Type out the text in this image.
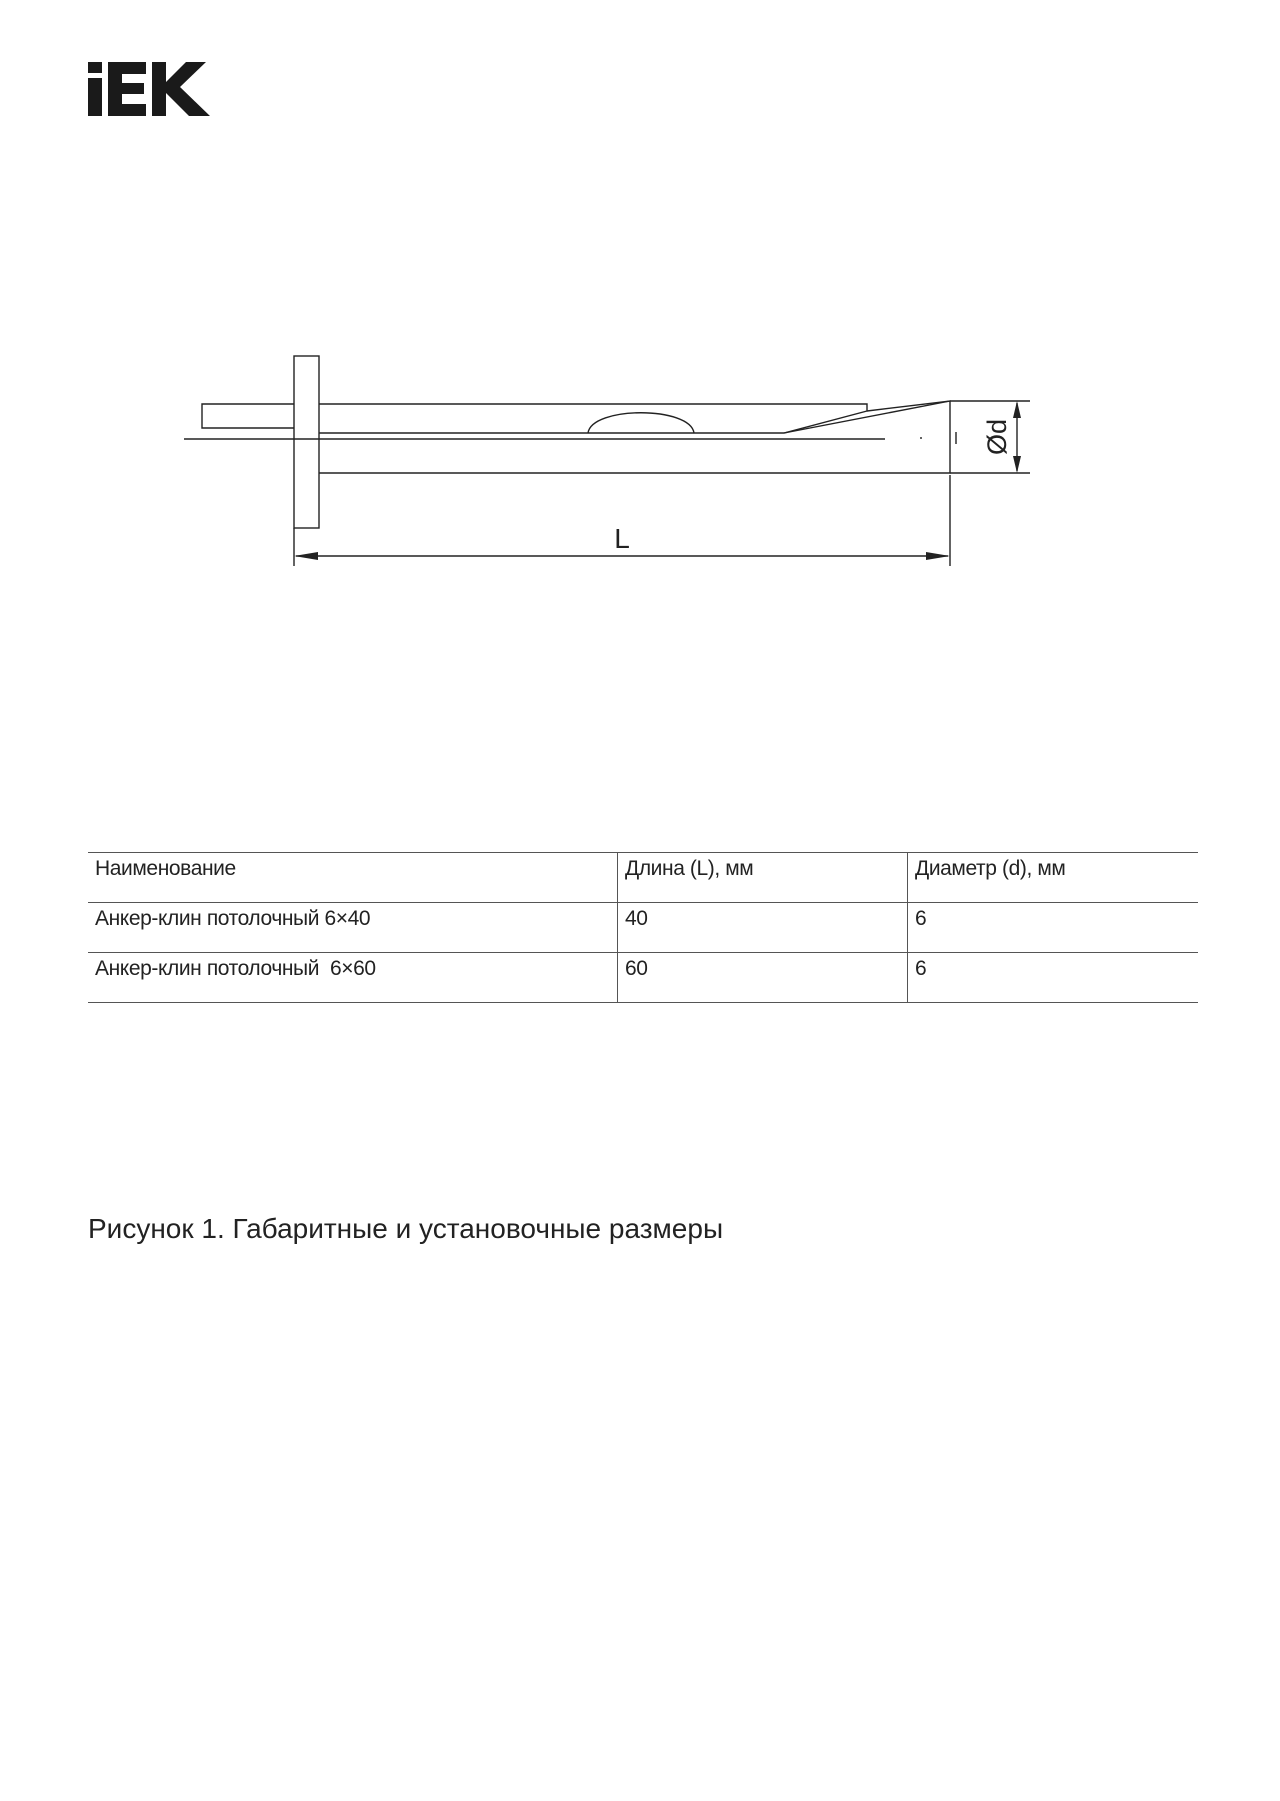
L
Ød
Наименование	Длина (L), мм	Диаметр (d), мм
Анкер-клин потолочный 6×40	40	6
Анкер-клин потолочный  6×60	60	6

Рисунок 1. Габаритные и установочные размеры
